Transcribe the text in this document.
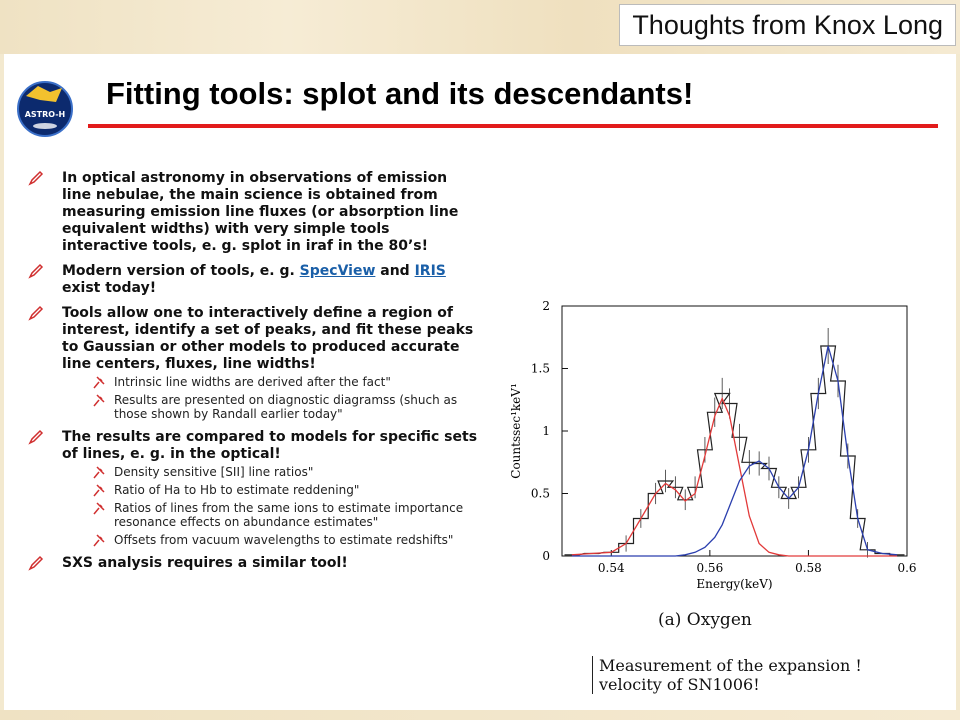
Thoughts from Knox Long
ASTRO-H
Fitting tools: splot and its descendants!
In optical astronomy in observations of emission line nebulae, the main science is obtained from measuring emission line fluxes (or absorption line equivalent widths) with very simple tools interactive tools, e. g. splot in iraf in the 80’s!
Modern version of tools, e. g. SpecView and IRIS exist today!
Tools allow one to interactively define a region of interest, identify a set of peaks, and fit these peaks to Gaussian or other models to produced accurate line centers, fluxes, line widths!
Intrinsic line widths are derived after the fact"
Results are presented on diagnostic diagramss (shuch as those shown by Randall earlier today"
The results are compared to models for specific sets of lines, e. g. in the optical!
Density sensitive [SII] line ratios"
Ratio of Ha to Hb to estimate reddening"
Ratios of lines from the same ions to estimate importance resonance effects on abundance estimates"
Offsets from vacuum wavelengths to estimate redshifts"
SXS analysis requires a similar tool!	0.54	0.56	0.58	0.6
0
0.5
1
1.5
2
Energy(keV)
Countssec¹keV¹
(a) Oxygen
Measurement of the expansion ! velocity of SN1006!
